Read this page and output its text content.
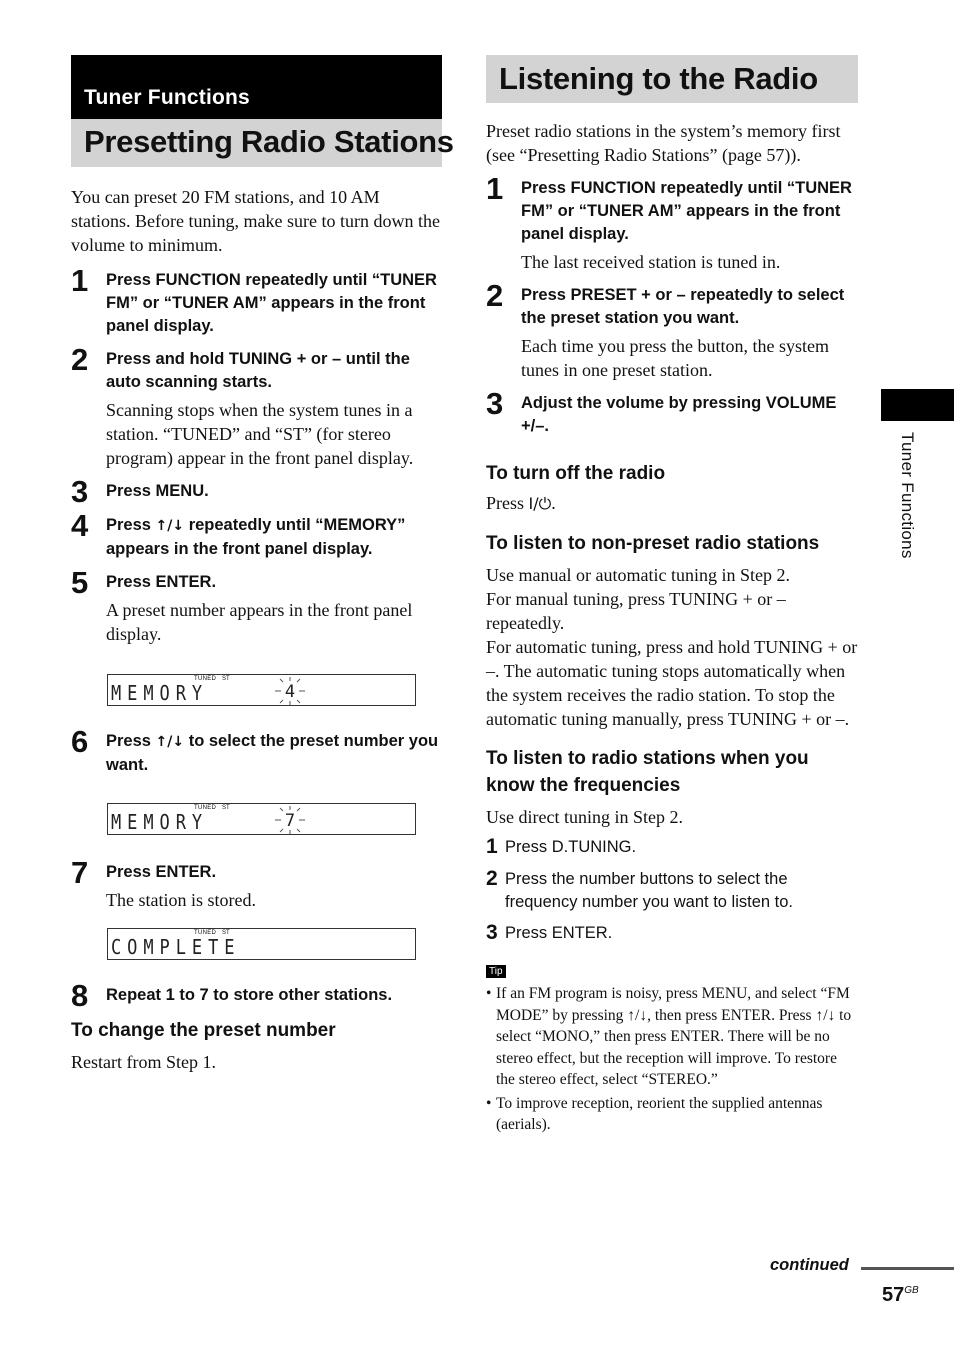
Tuner Functions
Presetting Radio Stations
You can preset 20 FM stations, and 10 AM stations. Before tuning, make sure to turn down the volume to minimum.
1 Press FUNCTION repeatedly until “TUNER FM” or “TUNER AM” appears in the front panel display.
2 Press and hold TUNING + or – until the auto scanning starts.
Scanning stops when the system tunes in a station. “TUNED” and “ST” (for stereo program) appear in the front panel display.
3 Press MENU.
4 Press ↑/↓ repeatedly until “MEMORY” appears in the front panel display.
5 Press ENTER.
A preset number appears in the front panel display.
TUNED ST
MEMORY	4
6 Press ↑/↓ to select the preset number you want.
TUNED ST
MEMORY	7
7 Press ENTER.
The station is stored.
TUNED ST
COMPLETE
8 Repeat 1 to 7 to store other stations.
To change the preset number
Restart from Step 1.
Listening to the Radio
Preset radio stations in the system’s memory first (see “Presetting Radio Stations” (page 57)).
1 Press FUNCTION repeatedly until “TUNER FM” or “TUNER AM” appears in the front panel display.
The last received station is tuned in.
2 Press PRESET + or – repeatedly to select the preset station you want.
Each time you press the button, the system tunes in one preset station.
3 Adjust the volume by pressing VOLUME +/–.
To turn off the radio
Press I/⏻.
To listen to non-preset radio stations
Use manual or automatic tuning in Step 2.
For manual tuning, press TUNING + or – repeatedly.
For automatic tuning, press and hold TUNING + or –. The automatic tuning stops automatically when the system receives the radio station. To stop the automatic tuning manually, press TUNING + or –.
To listen to radio stations when you know the frequencies
Use direct tuning in Step 2.
1 Press D.TUNING.
2 Press the number buttons to select the frequency number you want to listen to.
3 Press ENTER.
Tip
• If an FM program is noisy, press MENU, and select “FM MODE” by pressing ↑/↓, then press ENTER. Press ↑/↓ to select “MONO,” then press ENTER. There will be no stereo effect, but the reception will improve. To restore the stereo effect, select “STEREO.”
• To improve reception, reorient the supplied antennas (aerials).
Tuner Functions
continued
$57^{GB}$
